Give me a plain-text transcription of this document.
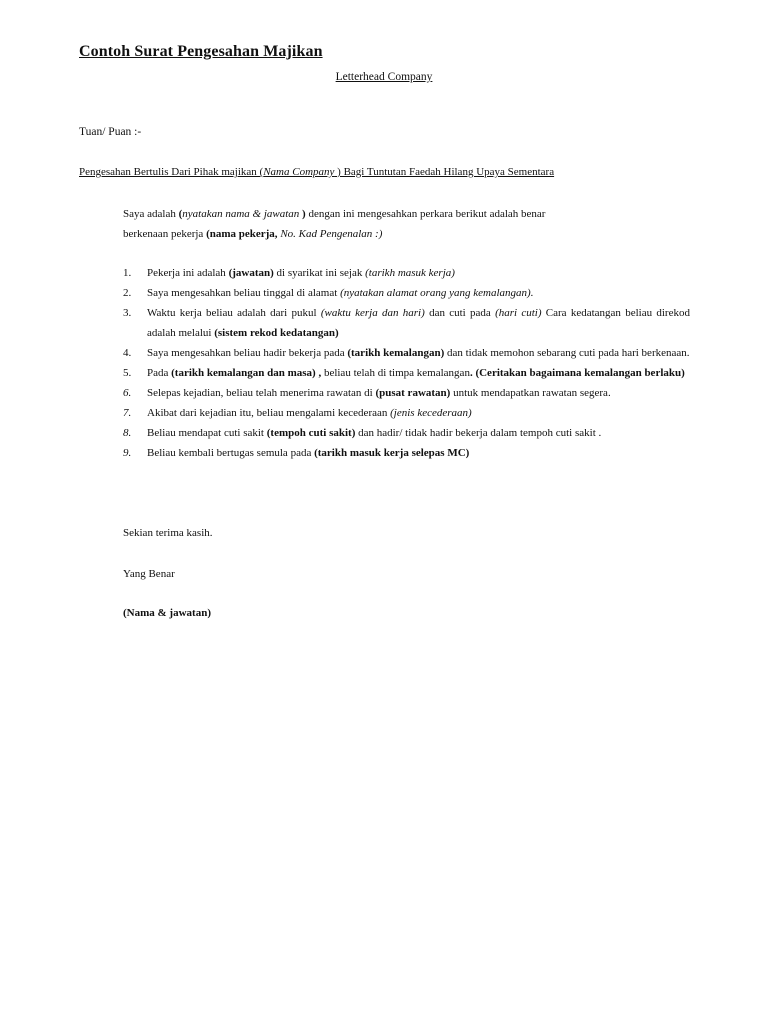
Contoh Surat Pengesahan Majikan
Letterhead Company
Tuan/ Puan :-
Pengesahan Bertulis Dari Pihak majikan (Nama Company ) Bagi Tuntutan Faedah Hilang Upaya Sementara
Saya adalah (nyatakan nama & jawatan ) dengan ini mengesahkan perkara berikut adalah benar
berkenaan pekerja (nama pekerja, No. Kad Pengenalan :)
1. Pekerja ini adalah (jawatan) di syarikat ini sejak (tarikh masuk kerja)
2. Saya mengesahkan beliau tinggal di alamat (nyatakan alamat orang yang kemalangan).
3. Waktu kerja beliau adalah dari pukul (waktu kerja dan hari) dan cuti pada (hari cuti) Cara kedatangan beliau direkod adalah melalui (sistem rekod kedatangan)
4. Saya mengesahkan beliau hadir bekerja pada (tarikh kemalangan) dan tidak memohon sebarang cuti pada hari berkenaan.
5. Pada (tarikh kemalangan dan masa) , beliau telah di timpa kemalangan. (Ceritakan bagaimana kemalangan berlaku)
6. Selepas kejadian, beliau telah menerima rawatan di (pusat rawatan) untuk mendapatkan rawatan segera.
7. Akibat dari kejadian itu, beliau mengalami kecederaan (jenis kecederaan)
8. Beliau mendapat cuti sakit (tempoh cuti sakit) dan hadir/ tidak hadir bekerja dalam tempoh cuti sakit .
9. Beliau kembali bertugas semula pada (tarikh masuk kerja selepas MC)
Sekian terima kasih.
Yang Benar
(Nama & jawatan)
